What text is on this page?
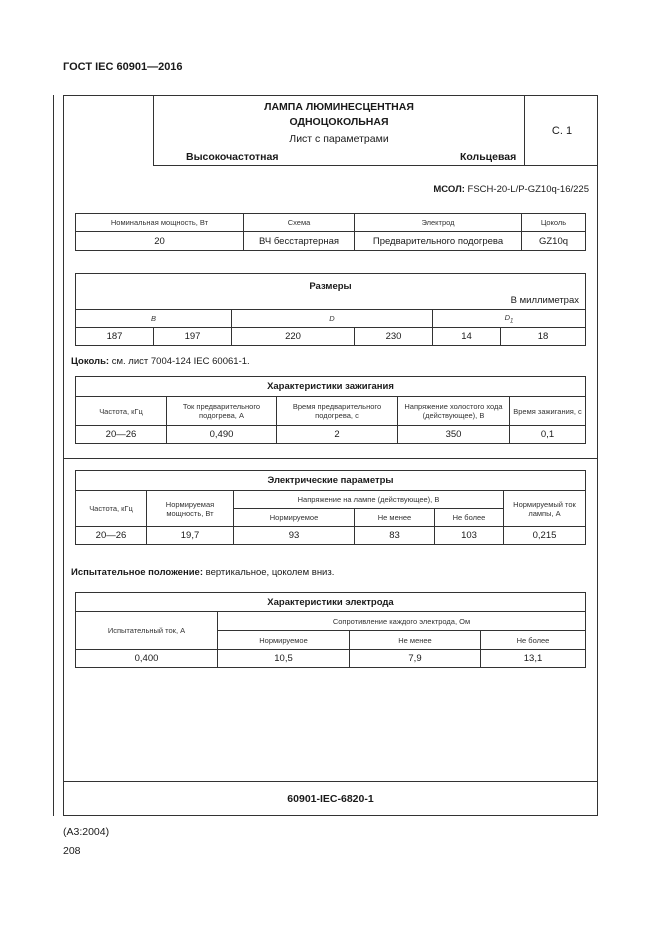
ГОСТ IEC 60901—2016
ЛАМПА ЛЮМИНЕСЦЕНТНАЯ
ОДНОЦОКОЛЬНАЯ
Лист с параметрами
Высокочастотная	Кольцевая
С. 1
МСОЛ: FSCH-20-L/P-GZ10q-16/225
Номинальная мощность, Вт	Схема	Электрод	Цоколь
20	ВЧ бесстартерная	Предварительного подогрева	GZ10q
Размеры
В миллиметрах					

B		D		$D_1$
187	197	220	230	14	18
Цоколь: см. лист 7004-124 IEC 60061-1.
Характеристики зажигания				
Частота, кГц	Ток предварительного подогрева, А	Время предварительного подогрева, с	Напряжение холостого хода (действующее), В	Время зажигания, с
20—26	0,490	2	350	0,1
Электрические параметры					
Частота, кГц	Нормируемая мощность, Вт	Напряжение на лампе (действующее), В			Нормируемый ток лампы, А
		Нормируемое	Не менее	Не более	
20—26	19,7	93	83	103	0,215
Испытательное положение: вертикальное, цоколем вниз.
Характеристики электрода			
Испытательный ток, А	Сопротивление каждого электрода, Ом		
	Нормируемое	Не менее	Не более
0,400	10,5	7,9	13,1
60901-IEC-6820-1
(A3:2004)
208
